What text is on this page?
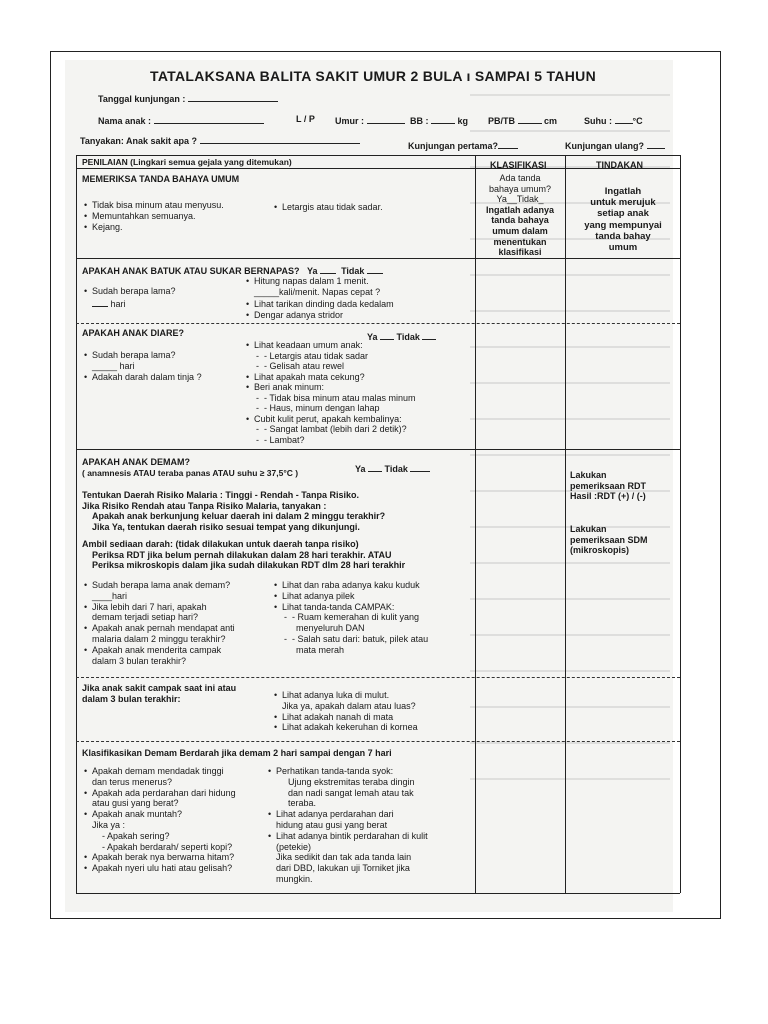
TATALAKSANA BALITA SAKIT UMUR 2 BULA ı SAMPAI 5 TAHUN
Tanggal kunjungan :
Nama anak :	L / P Umur :	BB :	kg PB/TB	cm	Suhu : °C
Tanyakan: Anak sakit apa ?	Kunjungan pertama?	Kunjungan ulang?
PENILAIAN (Lingkari semua gejala yang ditemukan)	KLASIFIKASI	TINDAKAN
MEMERIKSA TANDA BAHAYA UMUM
• Tidak bisa minum atau menyusu.
• Memuntahkan semuanya.
• Kejang.
• Letargis atau tidak sadar.
Ada tanda
bahaya umum?
Ya__Tidak_
Ingatlah adanya
tanda bahaya
umum dalam
menentukan
klasifikasi
Ingatlah
untuk merujuk
setiap anak
yang mempunyai
tanda bahay
umum
APAKAH ANAK BATUK ATAU SUKAR BERNAPAS? Ya	Tidak
• Sudah berapa lama?
hari
• Hitung napas dalam 1 menit.
_____kali/menit. Napas cepat ?
• Lihat tarikan dinding dada kedalam
• Dengar adanya stridor
APAKAH ANAK DIARE?	Ya Tidak
• Sudah berapa lama?
_____ hari
• Adakah darah dalam tinja ?
• Lihat keadaan umum anak:
- - Letargis atau tidak sadar
- - Gelisah atau rewel
• Lihat apakah mata cekung?
• Beri anak minum:
- - Tidak bisa minum atau malas minum
- - Haus, minum dengan lahap
• Cubit kulit perut, apakah kembalinya:
- - Sangat lambat (lebih dari 2 detik)?
- - Lambat?
APAKAH ANAK DEMAM?
( anamnesis ATAU teraba panas ATAU suhu ≥ 37,5°C )	Ya Tidak
Tentukan Daerah Risiko Malaria : Tinggi - Rendah - Tanpa Risiko.
Jika Risiko Rendah atau Tanpa Risiko Malaria, tanyakan :
Apakah anak berkunjung keluar daerah ini dalam 2 minggu terakhir?
Jika Ya, tentukan daerah risiko sesuai tempat yang dikunjungi.
Ambil sediaan darah: (tidak dilakukan untuk daerah tanpa risiko)
Periksa RDT jika belum pernah dilakukan dalam 28 hari terakhir. ATAU
Periksa mikroskopis dalam jika sudah dilakukan RDT dlm 28 hari terakhir
• Sudah berapa lama anak demam?
____hari
• Jika lebih dari 7 hari, apakah
demam terjadi setiap hari?
• Apakah anak pernah mendapat anti
malaria dalam 2 minggu terakhir?
• Apakah anak menderita campak
dalam 3 bulan terakhir?
• Lihat dan raba adanya kaku kuduk
• Lihat adanya pilek
• Lihat tanda-tanda CAMPAK:
- - Ruam kemerahan di kulit yang
menyeluruh DAN
- - Salah satu dari: batuk, pilek atau
mata merah
Lakukan
pemeriksaan RDT
Hasil :RDT (+) / (-)
Lakukan
pemeriksaan SDM
(mikroskopis)
Jika anak sakit campak saat ini atau
dalam 3 bulan terakhir:
•	Lihat adanya luka di mulut.
Jika ya, apakah dalam atau luas?
• Lihat adakah nanah di mata
• Lihat adakah kekeruhan di kornea
Klasifikasikan Demam Berdarah jika demam 2 hari sampai dengan 7 hari
• Apakah demam mendadak tinggi
dan terus menerus?
• Apakah ada perdarahan dari hidung
atau gusi yang berat?
• Apakah anak muntah?
Jika ya :
- Apakah sering?
- Apakah berdarah/ seperti kopi?
• Apakah berak nya berwarna hitam?
• Apakah nyeri ulu hati atau gelisah?
• Perhatikan tanda-tanda syok:
Ujung ekstremitas teraba dingin
dan nadi sangat lemah atau tak
teraba.
• Lihat adanya perdarahan dari
hidung atau gusi yang berat
• Lihat adanya bintik perdarahan di kulit
(petekie)
Jika sedikit dan tak ada tanda lain
dari DBD, lakukan uji Torniket jika
mungkin.
